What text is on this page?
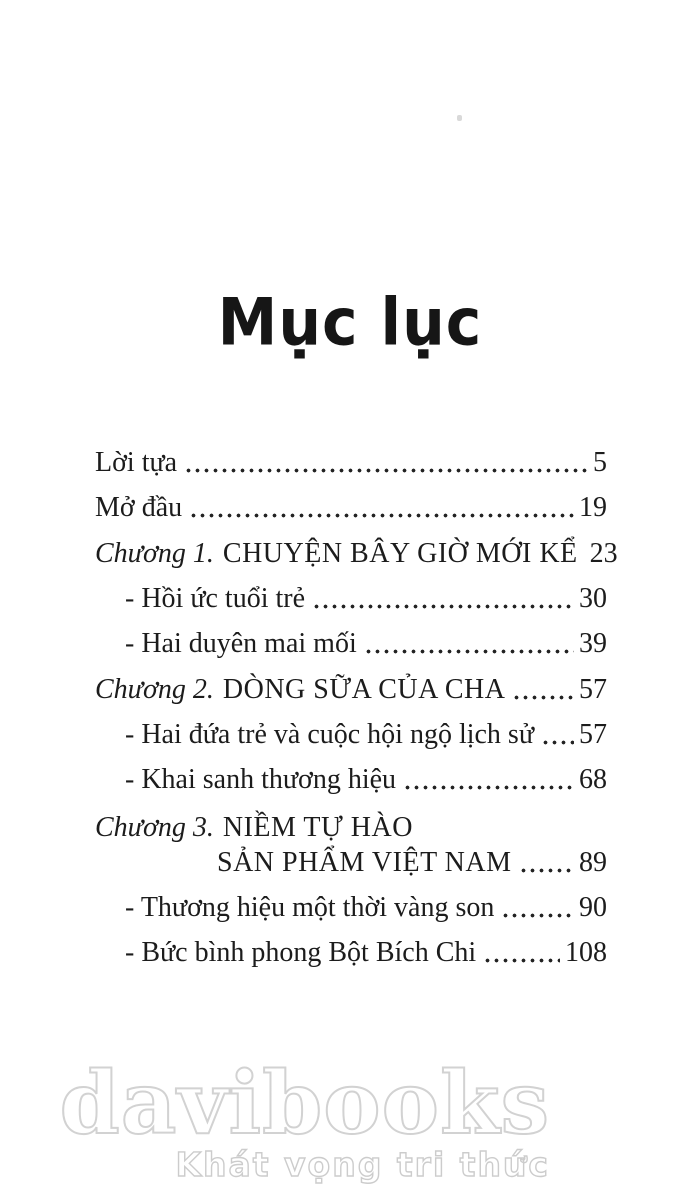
Mục lục
Lời tựa	5
Mở đầu	19
Chương 1. CHUYỆN BÂY GIỜ MỚI KỂ 23
- Hồi ức tuổi trẻ	30
- Hai duyên mai mối	39
Chương 2. DÒNG SỮA CỦA CHA	57
- Hai đứa trẻ và cuộc hội ngộ lịch sử 57
- Khai sanh thương hiệu	68
Chương 3. NIỀM TỰ HÀO
SẢN PHẨM VIỆT NAM 89
- Thương hiệu một thời vàng son	90
- Bức bình phong Bột Bích Chi	108
davibooks
Khát vọng tri thức
